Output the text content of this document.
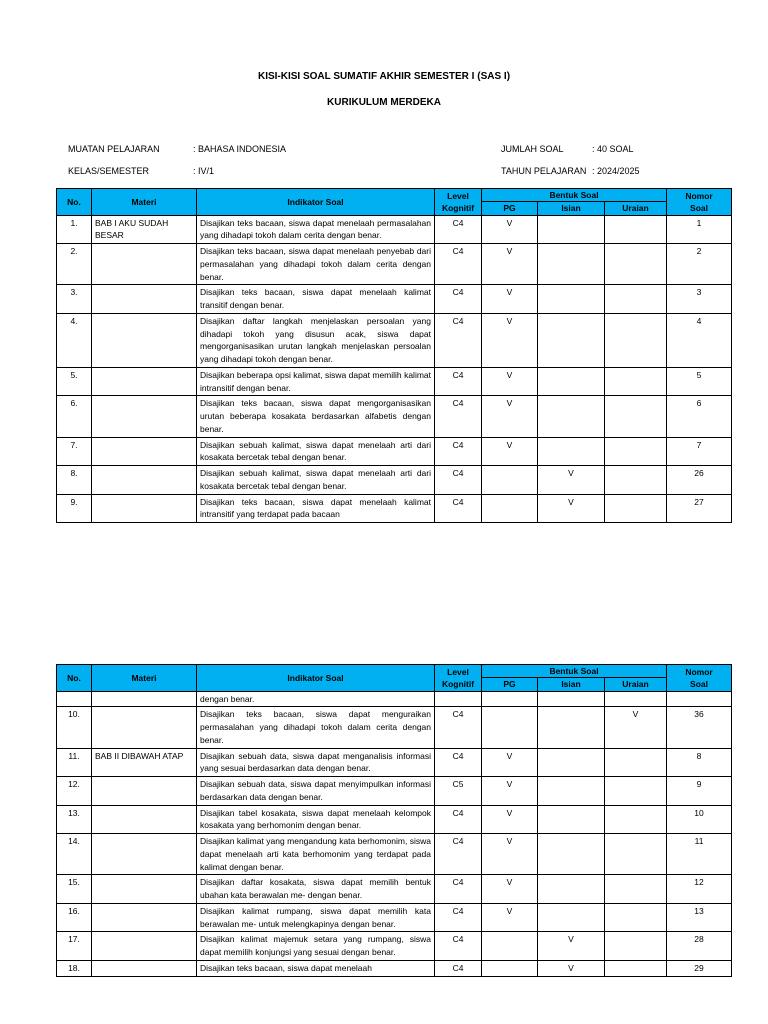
KISI-KISI SOAL SUMATIF AKHIR SEMESTER I (SAS I)
KURIKULUM MERDEKA
MUATAN PELAJARAN	: BAHASA INDONESIA	JUMLAH SOAL	: 40 SOAL
KELAS/SEMESTER	: IV/1	TAHUN PELAJARAN : 2024/2025
No.	Materi	Indikator Soal	Level
Kognitif	Bentuk Soal			Nomor
Soal
				PG	Isian	Uraian	
1.	BAB I AKU SUDAH BESAR	Disajikan teks bacaan, siswa dapat menelaah permasalahan yang dihadapi tokoh dalam cerita dengan benar.	C4	V			1
2.		Disajikan teks bacaan, siswa dapat menelaah penyebab dari permasalahan yang dihadapi tokoh dalam cerita dengan benar.	C4	V			2
3.		Disajikan teks bacaan, siswa dapat menelaah kalimat transitif dengan benar.	C4	V			3
4.		Disajikan daftar langkah menjelaskan persoalan yang dihadapi tokoh yang disusun acak, siswa dapat mengorganisasikan urutan langkah menjelaskan persoalan yang dihadapi tokoh dengan benar.	C4	V			4
5.		Disajikan beberapa opsi kalimat, siswa dapat memilih kalimat intransitif dengan benar.	C4	V			5
6.		Disajikan teks bacaan, siswa dapat mengorganisasikan urutan beberapa kosakata berdasarkan alfabetis dengan benar.	C4	V			6
7.		Disajikan sebuah kalimat, siswa dapat menelaah arti dari kosakata bercetak tebal dengan benar.	C4	V			7
8.		Disajikan sebuah kalimat, siswa dapat menelaah arti dari kosakata bercetak tebal dengan benar.	C4		V		26
9.		Disajikan teks bacaan, siswa dapat menelaah kalimat intransitif yang terdapat pada bacaan	C4		V		27
No.	Materi	Indikator Soal	Level
Kognitif	Bentuk Soal			Nomor
Soal
				PG	Isian	Uraian	
		dengan benar.					
10.		Disajikan teks bacaan, siswa dapat menguraikan permasalahan yang dihadapi tokoh dalam cerita dengan benar.	C4			V	36
11.	BAB II DIBAWAH ATAP	Disajikan sebuah data, siswa dapat menganalisis informasi yang sesuai berdasarkan data dengan benar.	C4	V			8
12.		Disajikan sebuah data, siswa dapat menyimpulkan informasi berdasarkan data dengan benar.	C5	V			9
13.		Disajikan tabel kosakata, siswa dapat menelaah kelompok kosakata yang berhomonim dengan benar.	C4	V			10
14.		Disajikan kalimat yang mengandung kata berhomonim, siswa dapat menelaah arti kata berhomonim yang terdapat pada kalimat dengan benar.	C4	V			11
15.		Disajikan daftar kosakata, siswa dapat memilih bentuk ubahan kata berawalan me- dengan benar.	C4	V			12
16.		Disajikan kalimat rumpang, siswa dapat memilih kata berawalan me- untuk melengkapinya dengan benar.	C4	V			13
17.		Disajikan kalimat majemuk setara yang rumpang, siswa dapat memilih konjungsi yang sesuai dengan benar.	C4		V		28
18.		Disajikan teks bacaan, siswa dapat menelaah	C4		V		29
